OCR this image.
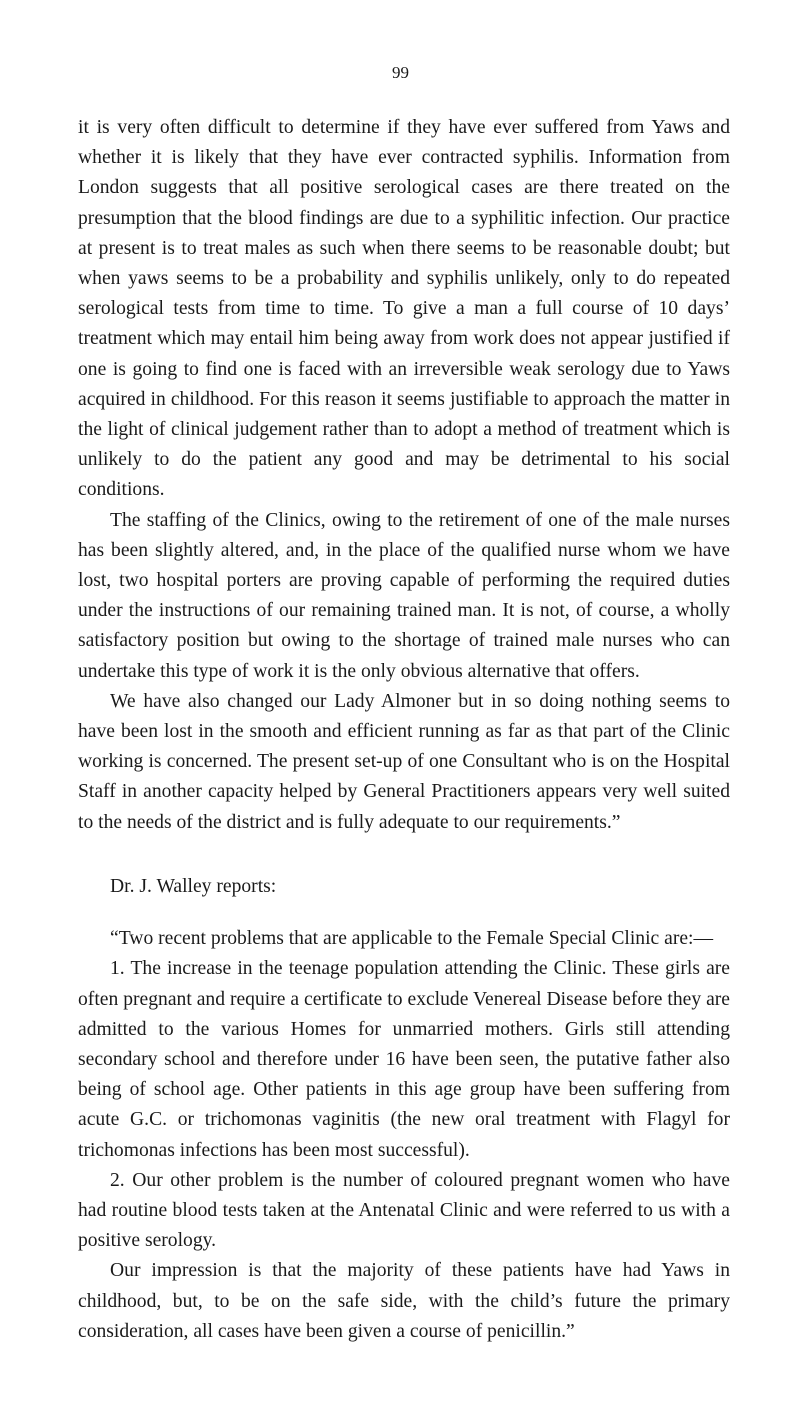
99

it is very often difficult to determine if they have ever suffered from Yaws and whether it is likely that they have ever contracted syphilis. Information from London suggests that all positive serological cases are there treated on the presumption that the blood findings are due to a syphilitic infection. Our practice at present is to treat males as such when there seems to be reasonable doubt; but when yaws seems to be a probability and syphilis unlikely, only to do repeated serological tests from time to time. To give a man a full course of 10 days’ treatment which may entail him being away from work does not appear justified if one is going to find one is faced with an irreversible weak serology due to Yaws acquired in childhood. For this reason it seems justifiable to approach the matter in the light of clinical judgement rather than to adopt a method of treatment which is unlikely to do the patient any good and may be detrimental to his social conditions.

The staffing of the Clinics, owing to the retirement of one of the male nurses has been slightly altered, and, in the place of the qualified nurse whom we have lost, two hospital porters are proving capable of performing the required duties under the instructions of our remaining trained man. It is not, of course, a wholly satisfactory position but owing to the shortage of trained male nurses who can undertake this type of work it is the only obvious alternative that offers.

We have also changed our Lady Almoner but in so doing nothing seems to have been lost in the smooth and efficient running as far as that part of the Clinic working is concerned. The present set-up of one Consultant who is on the Hospital Staff in another capacity helped by General Practitioners appears very well suited to the needs of the district and is fully adequate to our requirements.”

Dr. J. Walley reports:

“Two recent problems that are applicable to the Female Special Clinic are:—

1. The increase in the teenage population attending the Clinic. These girls are often pregnant and require a certificate to exclude Venereal Disease before they are admitted to the various Homes for unmarried mothers. Girls still attending secondary school and therefore under 16 have been seen, the putative father also being of school age. Other patients in this age group have been suffering from acute G.C. or trichomonas vaginitis (the new oral treatment with Flagyl for trichomonas infections has been most successful).

2. Our other problem is the number of coloured pregnant women who have had routine blood tests taken at the Antenatal Clinic and were referred to us with a positive serology.

Our impression is that the majority of these patients have had Yaws in childhood, but, to be on the safe side, with the child’s future the primary consideration, all cases have been given a course of penicillin.”
